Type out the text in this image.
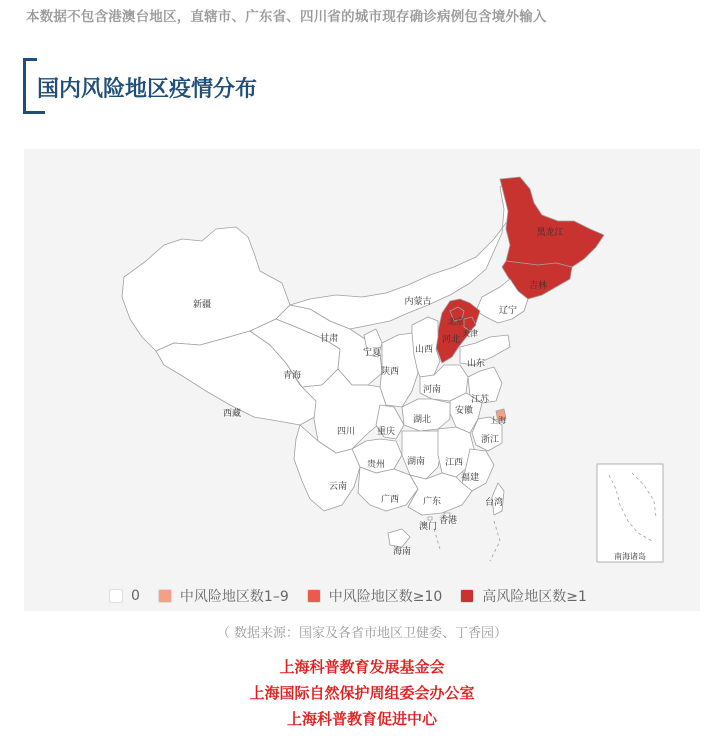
本数据不包含港澳台地区，直辖市、广东省、四川省的城市现存确诊病例包含境外输入
国内风险地区疫情分布
南海诸岛
新疆
西藏
青海
甘肃
内蒙古
黑龙江
吉林
辽宁
北京
天津
河北
山西
山东
宁夏
陕西
河南
江苏
安徽
上海
湖北
四川 重庆
浙江
贵州 湖南 江西
福建
云南
广西	广东	台湾
香港
澳门
海南
0	中风险地区数1–9	中风险地区数≥10	高风险地区数≥1
（ 数据来源：国家及各省市地区卫健委、丁香园）
上海科普教育发展基金会
上海国际自然保护周组委会办公室
上海科普教育促进中心
